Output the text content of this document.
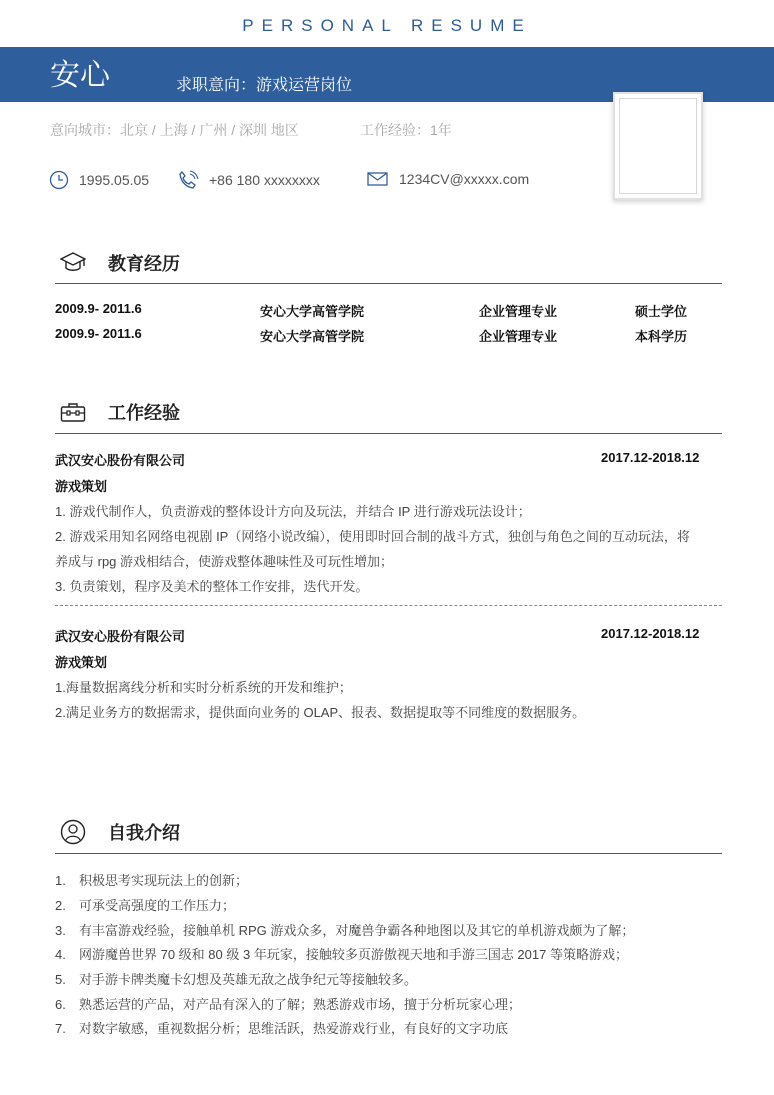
PERSONAL RESUME
安心	求职意向：游戏运营岗位
意向城市：北京 / 上海 / 广州 / 深圳 地区	工作经验：1年
1995.05.05	+86 180 xxxxxxxx	1234CV@xxxxx.com
教育经历
2009.9- 2011.6	安心大学高管学院	企业管理专业	硕士学位
2009.9- 2011.6	安心大学高管学院	企业管理专业	本科学历
工作经验
武汉安心股份有限公司	2017.12-2018.12
游戏策划
1. 游戏代制作人，负责游戏的整体设计方向及玩法，并结合 IP 进行游戏玩法设计；
2. 游戏采用知名网络电视剧 IP（网络小说改编），使用即时回合制的战斗方式，独创与角色之间的互动玩法，将
养成与 rpg 游戏相结合，使游戏整体趣味性及可玩性增加；
3. 负责策划，程序及美术的整体工作安排，迭代开发。
武汉安心股份有限公司	2017.12-2018.12
游戏策划
1.海量数据离线分析和实时分析系统的开发和维护；
2.满足业务方的数据需求，提供面向业务的 OLAP、报表、数据提取等不同维度的数据服务。
自我介绍
1. 积极思考实现玩法上的创新；
2. 可承受高强度的工作压力；
3. 有丰富游戏经验，接触单机 RPG 游戏众多，对魔兽争霸各种地图以及其它的单机游戏颇为了解；
4. 网游魔兽世界 70 级和 80 级 3 年玩家，接触较多页游傲视天地和手游三国志 2017 等策略游戏；
5. 对手游卡牌类魔卡幻想及英雄无敌之战争纪元等接触较多。
6. 熟悉运营的产品，对产品有深入的了解；熟悉游戏市场，擅于分析玩家心理；
7. 对数字敏感，重视数据分析；思维活跃，热爱游戏行业，有良好的文字功底
